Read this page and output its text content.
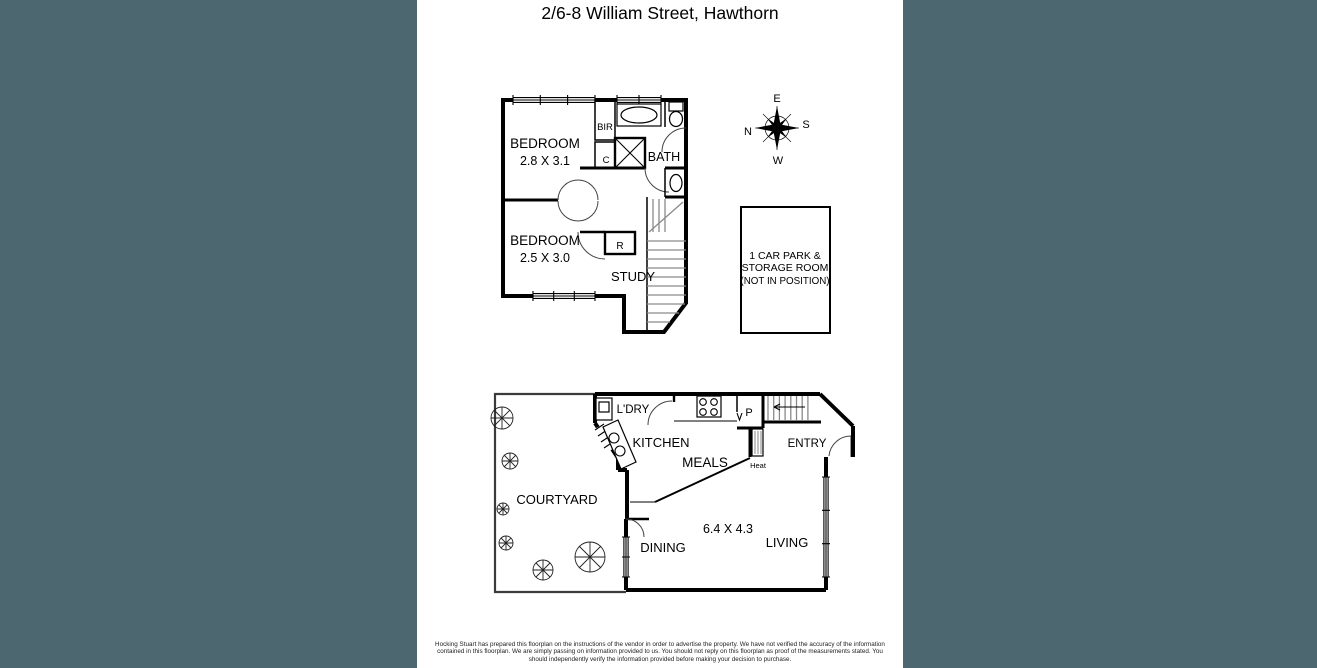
2/6-8 William Street, Hawthorn
BEDROOM
2.8 X 3.1
BIR
C	BATH
BEDROOM
2.5 X 3.0
R
STUDY
E
S
W
N
1 CAR PARK &
STORAGE ROOM
(NOT IN POSITION)
L'DRY	P
KITCHEN
MEALS
ENTRY
Heat
COURTYARD
6.4 X 4.3
DINING	LIVING
Hocking Stuart has prepared this floorplan on the instructions of the vendor in order to advertise the property. We have not verified the accuracy of the information
contained in this floorplan. We are simply passing on information provided to us. You should not reply on this floorplan as proof of the measurements stated. You
should independently verify the information provided before making your decision to purchase.
